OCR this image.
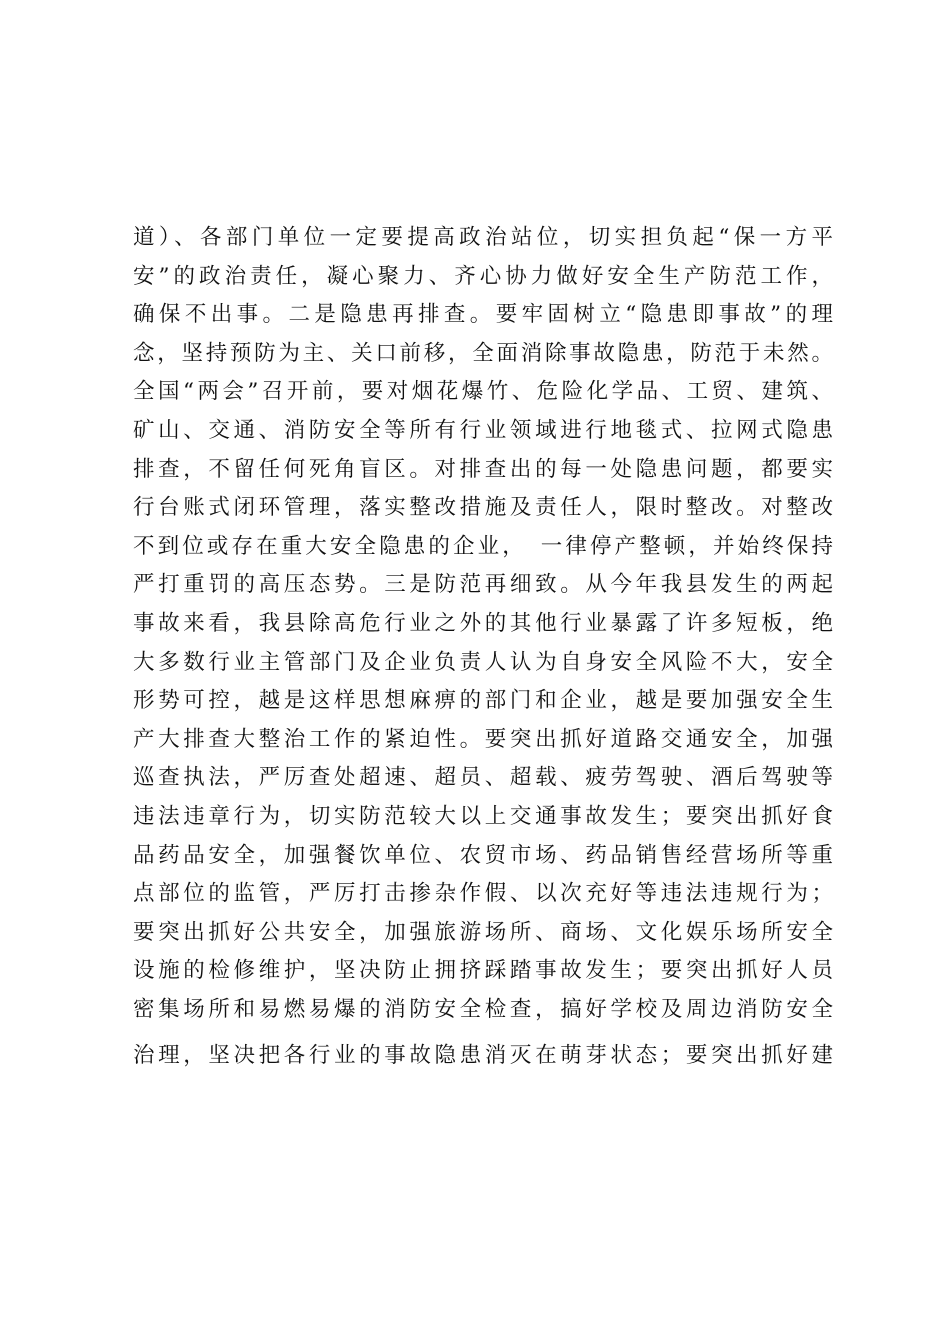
道）、各部门单位一定要提高政治站位，切实担负起“保一方平
安”的政治责任，凝心聚力、齐心协力做好安全生产防范工作，
确保不出事。二是隐患再排查。要牢固树立“隐患即事故”的理
念，坚持预防为主、关口前移，全面消除事故隐患，防范于未然。
全国“两会”召开前，要对烟花爆竹、危险化学品、工贸、建筑、
矿山、交通、消防安全等所有行业领域进行地毯式、拉网式隐患
排查，不留任何死角盲区。对排查出的每一处隐患问题，都要实
行台账式闭环管理，落实整改措施及责任人，限时整改。对整改
不到位或存在重大安全隐患的企业，　一律停产整顿，并始终保持
严打重罚的高压态势。三是防范再细致。从今年我县发生的两起
事故来看，我县除高危行业之外的其他行业暴露了许多短板，绝
大多数行业主管部门及企业负责人认为自身安全风险不大，安全
形势可控，越是这样思想麻痹的部门和企业，越是要加强安全生
产大排查大整治工作的紧迫性。要突出抓好道路交通安全，加强
巡查执法，严厉查处超速、超员、超载、疲劳驾驶、酒后驾驶等
违法违章行为，切实防范较大以上交通事故发生；要突出抓好食
品药品安全，加强餐饮单位、农贸市场、药品销售经营场所等重
点部位的监管，严厉打击掺杂作假、以次充好等违法违规行为；
要突出抓好公共安全，加强旅游场所、商场、文化娱乐场所安全
设施的检修维护，坚决防止拥挤踩踏事故发生；要突出抓好人员
密集场所和易燃易爆的消防安全检查，搞好学校及周边消防安全
治理，坚决把各行业的事故隐患消灭在萌芽状态；要突出抓好建
